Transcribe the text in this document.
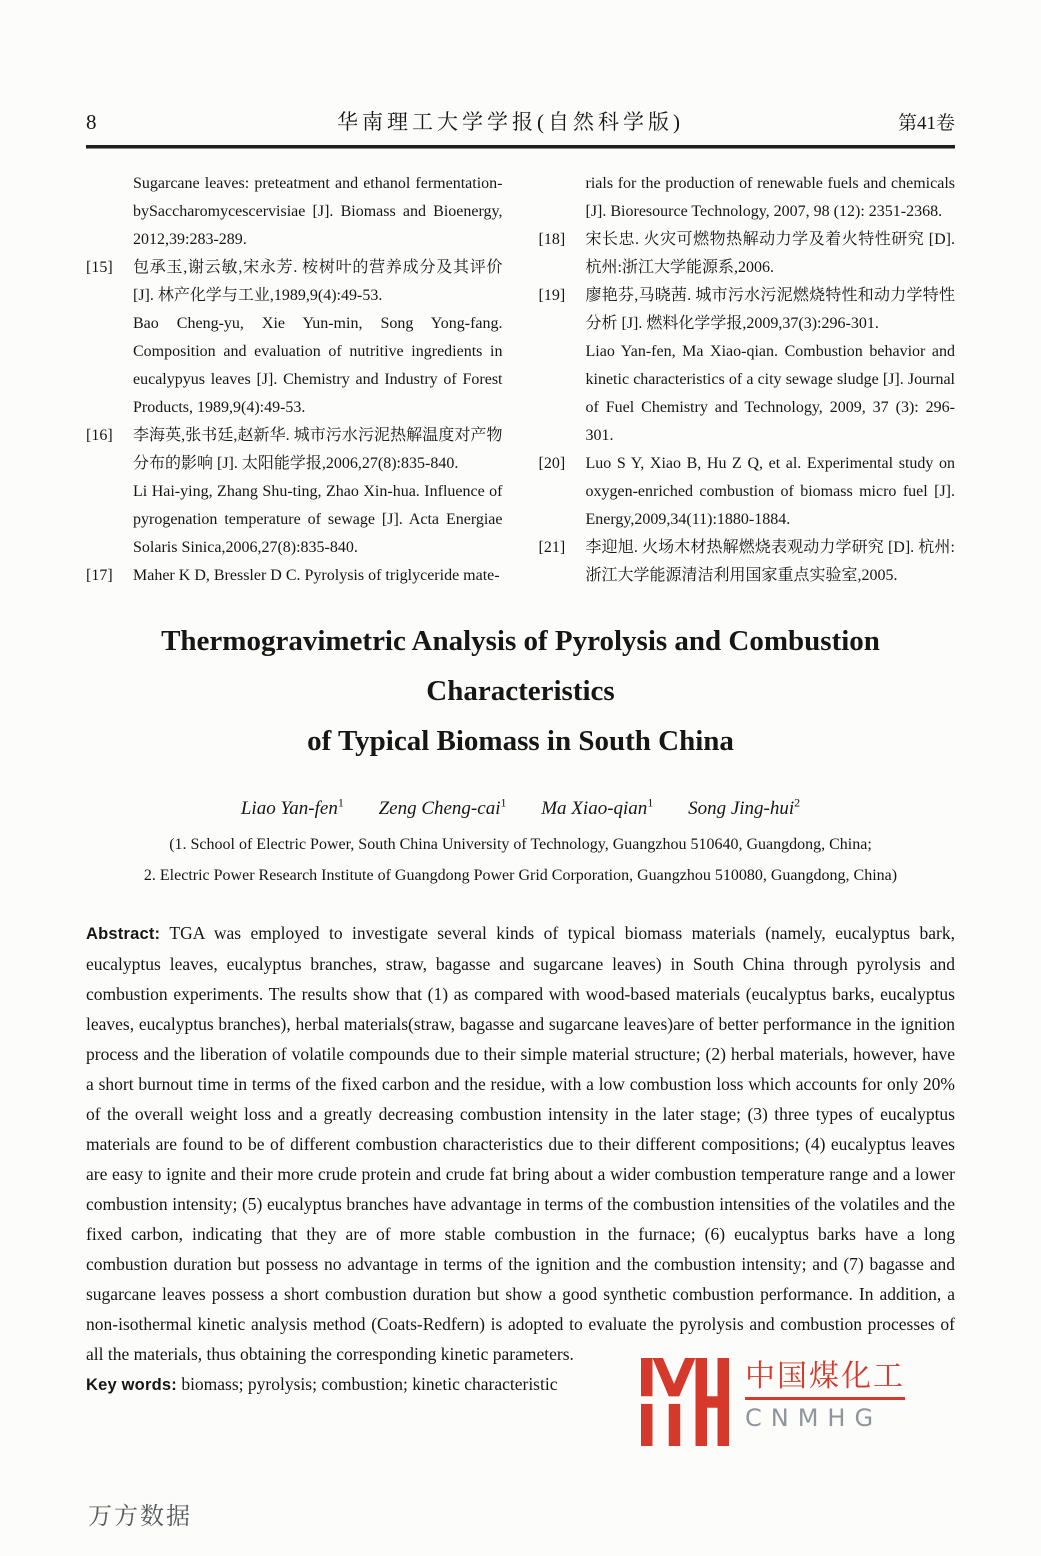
8	华南理工大学学报(自然科学版)	第41卷
Sugarcane leaves: preteatment and ethanol fermentation-bySaccharomycescervisiae [J]. Biomass and Bioenergy, 2012,39:283-289.
[15]	包承玉,谢云敏,宋永芳. 桉树叶的营养成分及其评价 [J]. 林产化学与工业,1989,9(4):49-53.
Bao Cheng-yu, Xie Yun-min, Song Yong-fang. Composition and evaluation of nutritive ingredients in eucalypyus leaves [J]. Chemistry and Industry of Forest Products, 1989,9(4):49-53.
[16]	李海英,张书廷,赵新华. 城市污水污泥热解温度对产物分布的影响 [J]. 太阳能学报,2006,27(8):835-840.
Li Hai-ying, Zhang Shu-ting, Zhao Xin-hua. Influence of pyrogenation temperature of sewage [J]. Acta Energiae Solaris Sinica,2006,27(8):835-840.
[17]	Maher K D, Bressler D C. Pyrolysis of triglyceride mate-
rials for the production of renewable fuels and chemicals [J]. Bioresource Technology, 2007, 98 (12): 2351-2368.
[18]	宋长忠. 火灾可燃物热解动力学及着火特性研究 [D]. 杭州:浙江大学能源系,2006.
[19]	廖艳芬,马晓茜. 城市污水污泥燃烧特性和动力学特性分析 [J]. 燃料化学学报,2009,37(3):296-301.
Liao Yan-fen, Ma Xiao-qian. Combustion behavior and kinetic characteristics of a city sewage sludge [J]. Journal of Fuel Chemistry and Technology, 2009, 37 (3): 296-301.
[20]	Luo S Y, Xiao B, Hu Z Q, et al. Experimental study on oxygen-enriched combustion of biomass micro fuel [J]. Energy,2009,34(11):1880-1884.
[21]	李迎旭. 火场木材热解燃烧表观动力学研究 [D]. 杭州:浙江大学能源清洁利用国家重点实验室,2005.
Thermogravimetric Analysis of Pyrolysis and Combustion Characteristics
of Typical Biomass in South China
Liao Yan-fen$^1$ Zeng Cheng-cai$^1$ Ma Xiao-qian$^1$ Song Jing-hui$^2$
(1. School of Electric Power, South China University of Technology, Guangzhou 510640, Guangdong, China;
2. Electric Power Research Institute of Guangdong Power Grid Corporation, Guangzhou 510080, Guangdong, China)
Abstract: TGA was employed to investigate several kinds of typical biomass materials (namely, eucalyptus bark, eucalyptus leaves, eucalyptus branches, straw, bagasse and sugarcane leaves) in South China through pyrolysis and combustion experiments. The results show that (1) as compared with wood-based materials (eucalyptus barks, eucalyptus leaves, eucalyptus branches), herbal materials(straw, bagasse and sugarcane leaves)are of better performance in the ignition process and the liberation of volatile compounds due to their simple material structure; (2) herbal materials, however, have a short burnout time in terms of the fixed carbon and the residue, with a low combustion loss which accounts for only 20% of the overall weight loss and a greatly decreasing combustion intensity in the later stage; (3) three types of eucalyptus materials are found to be of different combustion characteristics due to their different compositions; (4) eucalyptus leaves are easy to ignite and their more crude protein and crude fat bring about a wider combustion temperature range and a lower combustion intensity; (5) eucalyptus branches have advantage in terms of the combustion intensities of the volatiles and the fixed carbon, indicating that they are of more stable combustion in the furnace; (6) eucalyptus barks have a long combustion duration but possess no advantage in terms of the ignition and the combustion intensity; and (7) bagasse and sugarcane leaves possess a short combustion duration but show a good synthetic combustion performance. In addition, a non-isothermal kinetic analysis method (Coats-Redfern) is adopted to evaluate the pyrolysis and combustion processes of all the materials, thus obtaining the corresponding kinetic parameters.
Key words: biomass; pyrolysis; combustion; kinetic characteristic	中国煤化工
CNMHG
万方数据
